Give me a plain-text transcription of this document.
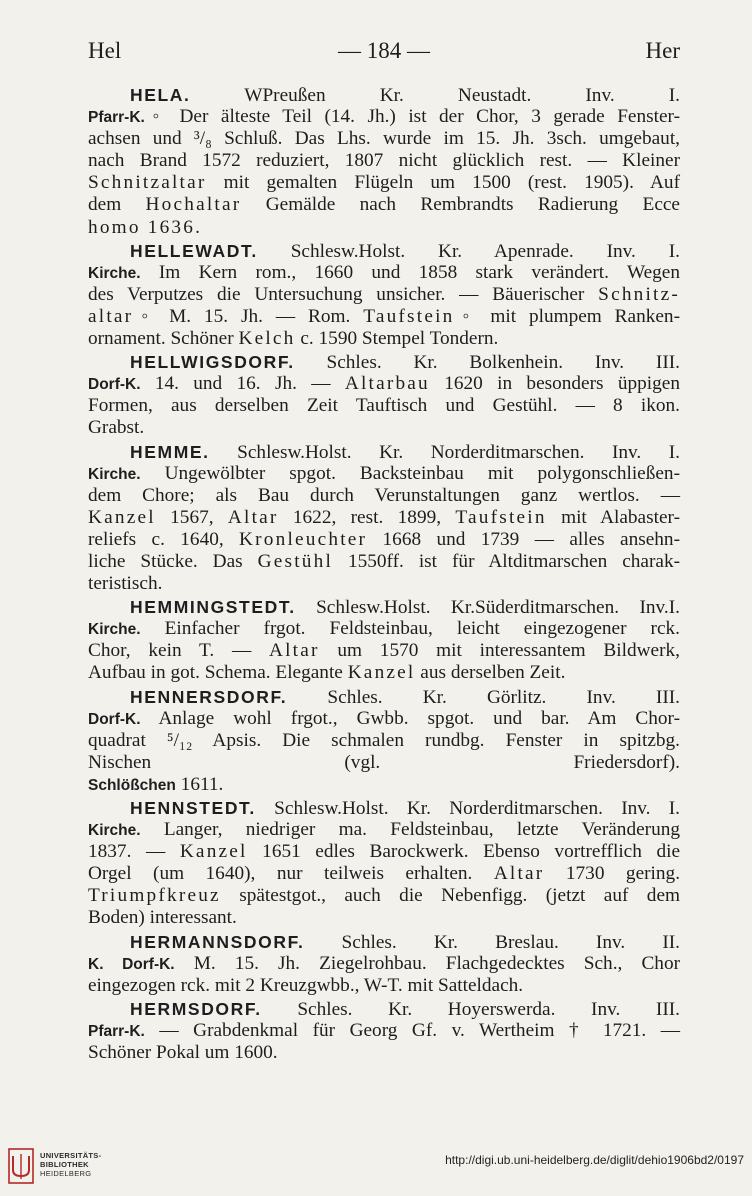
Hel	— 184 —	Her
HELA. WPreußen Kr. Neustadt. Inv. I.
Pfarr-K.◦ Der älteste Teil (14. Jh.) ist der Chor, 3 gerade Fenster-
achsen und ³/₈ Schluß. Das Lhs. wurde im 15. Jh. 3sch. umgebaut,
nach Brand 1572 reduziert, 1807 nicht glücklich rest. — Kleiner
Schnitzaltar mit gemalten Flügeln um 1500 (rest. 1905). Auf
dem Hochaltar Gemälde nach Rembrandts Radierung Ecce
homo 1636.
HELLEWADT. Schlesw.Holst. Kr. Apenrade. Inv. I.
Kirche. Im Kern rom., 1660 und 1858 stark verändert. Wegen
des Verputzes die Untersuchung unsicher. — Bäuerischer Schnitz-
altar◦ M. 15. Jh. — Rom. Taufstein◦ mit plumpem Ranken-
ornament. Schöner Kelch c. 1590 Stempel Tondern.
HELLWIGSDORF. Schles. Kr. Bolkenhein. Inv. III.
Dorf-K. 14. und 16. Jh. — Altarbau 1620 in besonders üppigen
Formen, aus derselben Zeit Tauftisch und Gestühl. — 8 ikon.
Grabst.
HEMME. Schlesw.Holst. Kr. Norderditmarschen. Inv. I.
Kirche. Ungewölbter spgot. Backsteinbau mit polygonschließen-
dem Chore; als Bau durch Verunstaltungen ganz wertlos. —
Kanzel 1567, Altar 1622, rest. 1899, Taufstein mit Alabaster-
reliefs c. 1640, Kronleuchter 1668 und 1739 — alles ansehn-
liche Stücke. Das Gestühl 1550ff. ist für Altditmarschen charak-
teristisch.
HEMMINGSTEDT. Schlesw.Holst. Kr.Süderditmarschen. Inv.I.
Kirche. Einfacher frgot. Feldsteinbau, leicht eingezogener rck.
Chor, kein T. — Altar um 1570 mit interessantem Bildwerk,
Aufbau in got. Schema. Elegante Kanzel aus derselben Zeit.
HENNERSDORF. Schles. Kr. Görlitz. Inv. III.
Dorf-K. Anlage wohl frgot., Gwbb. spgot. und bar. Am Chor-
quadrat ⁵/₁₂ Apsis. Die schmalen rundbg. Fenster in spitzbg.
Nischen (vgl. Friedersdorf).
Schlößchen 1611.
HENNSTEDT. Schlesw.Holst. Kr. Norderditmarschen. Inv. I.
Kirche. Langer, niedriger ma. Feldsteinbau, letzte Veränderung
1837. — Kanzel 1651 edles Barockwerk. Ebenso vortrefflich die
Orgel (um 1640), nur teilweis erhalten. Altar 1730 gering.
Triumpfkreuz spätestgot., auch die Nebenfigg. (jetzt auf dem
Boden) interessant.
HERMANNSDORF. Schles. Kr. Breslau. Inv. II.
K. Dorf-K. M. 15. Jh. Ziegelrohbau. Flachgedecktes Sch., Chor
eingezogen rck. mit 2 Kreuzgwbb., W-T. mit Satteldach.
HERMSDORF. Schles. Kr. Hoyerswerda. Inv. III.
Pfarr-K. — Grabdenkmal für Georg Gf. v. Wertheim † 1721. —
Schöner Pokal um 1600.
UNIVERSITÄTS-
BIBLIOTHEK
HEIDELBERG
http://digi.ub.uni-heidelberg.de/diglit/dehio1906bd2/0197
